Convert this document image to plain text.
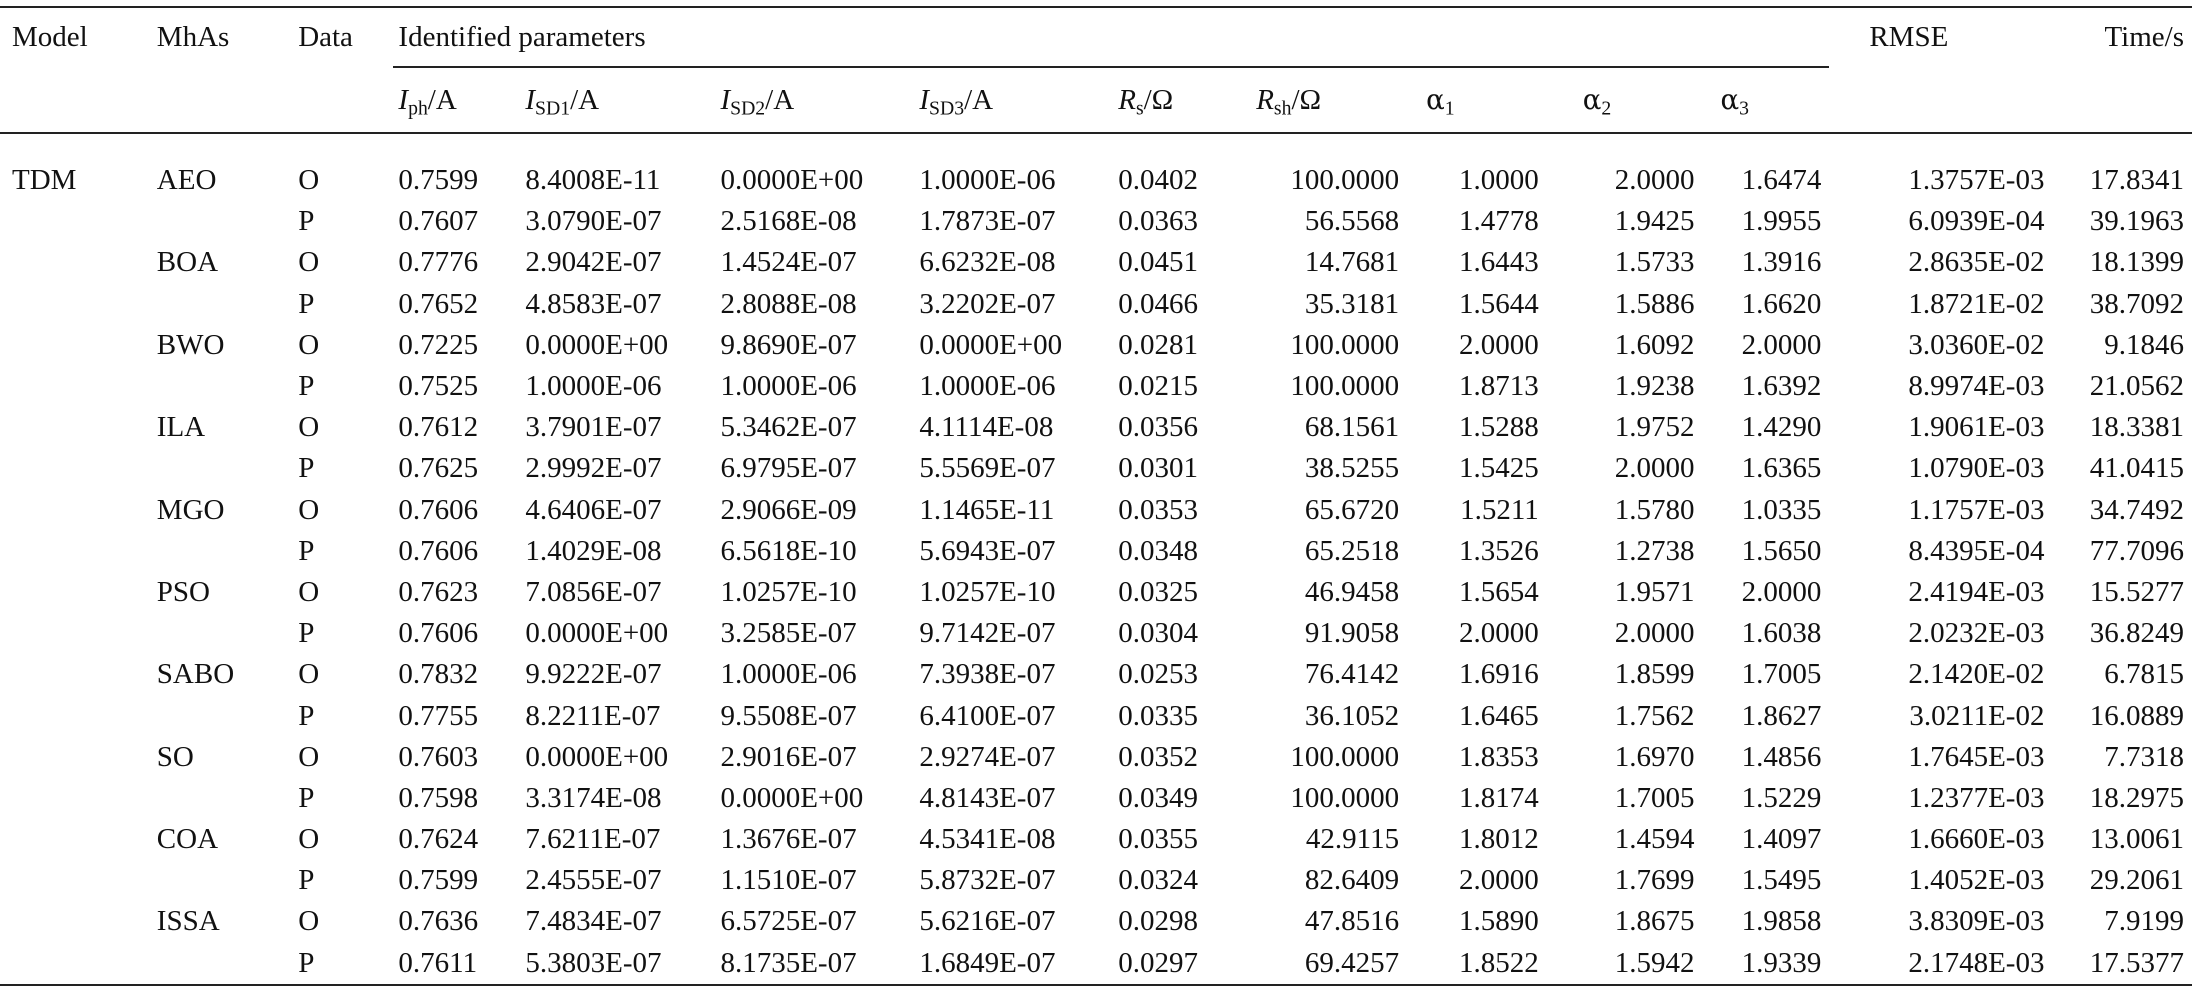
Model	MhAs	Data	Identified parameters									RMSE	Time/s
			$I_{ph}/A$	$I_{SD1}/A$	$I_{SD2}/A$	$I_{SD3}/A$	$R_s/\Omega$	$R_{sh}/\Omega$	$\alpha_1$	$\alpha_2$	$\alpha_3$		

TDM	AEO	O	0.7599	8.4008E-11	0.0000E+00	1.0000E-06	0.0402	100.0000	1.0000	2.0000	1.6474	1.3757E-03	17.8341
		P	0.7607	3.0790E-07	2.5168E-08	1.7873E-07	0.0363	56.5568	1.4778	1.9425	1.9955	6.0939E-04	39.1963
	BOA	O	0.7776	2.9042E-07	1.4524E-07	6.6232E-08	0.0451	14.7681	1.6443	1.5733	1.3916	2.8635E-02	18.1399
		P	0.7652	4.8583E-07	2.8088E-08	3.2202E-07	0.0466	35.3181	1.5644	1.5886	1.6620	1.8721E-02	38.7092
	BWO	O	0.7225	0.0000E+00	9.8690E-07	0.0000E+00	0.0281	100.0000	2.0000	1.6092	2.0000	3.0360E-02	9.1846
		P	0.7525	1.0000E-06	1.0000E-06	1.0000E-06	0.0215	100.0000	1.8713	1.9238	1.6392	8.9974E-03	21.0562
	ILA	O	0.7612	3.7901E-07	5.3462E-07	4.1114E-08	0.0356	68.1561	1.5288	1.9752	1.4290	1.9061E-03	18.3381
		P	0.7625	2.9992E-07	6.9795E-07	5.5569E-07	0.0301	38.5255	1.5425	2.0000	1.6365	1.0790E-03	41.0415
	MGO	O	0.7606	4.6406E-07	2.9066E-09	1.1465E-11	0.0353	65.6720	1.5211	1.5780	1.0335	1.1757E-03	34.7492
		P	0.7606	1.4029E-08	6.5618E-10	5.6943E-07	0.0348	65.2518	1.3526	1.2738	1.5650	8.4395E-04	77.7096
	PSO	O	0.7623	7.0856E-07	1.0257E-10	1.0257E-10	0.0325	46.9458	1.5654	1.9571	2.0000	2.4194E-03	15.5277
		P	0.7606	0.0000E+00	3.2585E-07	9.7142E-07	0.0304	91.9058	2.0000	2.0000	1.6038	2.0232E-03	36.8249
	SABO	O	0.7832	9.9222E-07	1.0000E-06	7.3938E-07	0.0253	76.4142	1.6916	1.8599	1.7005	2.1420E-02	6.7815
		P	0.7755	8.2211E-07	9.5508E-07	6.4100E-07	0.0335	36.1052	1.6465	1.7562	1.8627	3.0211E-02	16.0889
	SO	O	0.7603	0.0000E+00	2.9016E-07	2.9274E-07	0.0352	100.0000	1.8353	1.6970	1.4856	1.7645E-03	7.7318
		P	0.7598	3.3174E-08	0.0000E+00	4.8143E-07	0.0349	100.0000	1.8174	1.7005	1.5229	1.2377E-03	18.2975
	COA	O	0.7624	7.6211E-07	1.3676E-07	4.5341E-08	0.0355	42.9115	1.8012	1.4594	1.4097	1.6660E-03	13.0061
		P	0.7599	2.4555E-07	1.1510E-07	5.8732E-07	0.0324	82.6409	2.0000	1.7699	1.5495	1.4052E-03	29.2061
	ISSA	O	0.7636	7.4834E-07	6.5725E-07	5.6216E-07	0.0298	47.8516	1.5890	1.8675	1.9858	3.8309E-03	7.9199
		P	0.7611	5.3803E-07	8.1735E-07	1.6849E-07	0.0297	69.4257	1.8522	1.5942	1.9339	2.1748E-03	17.5377
